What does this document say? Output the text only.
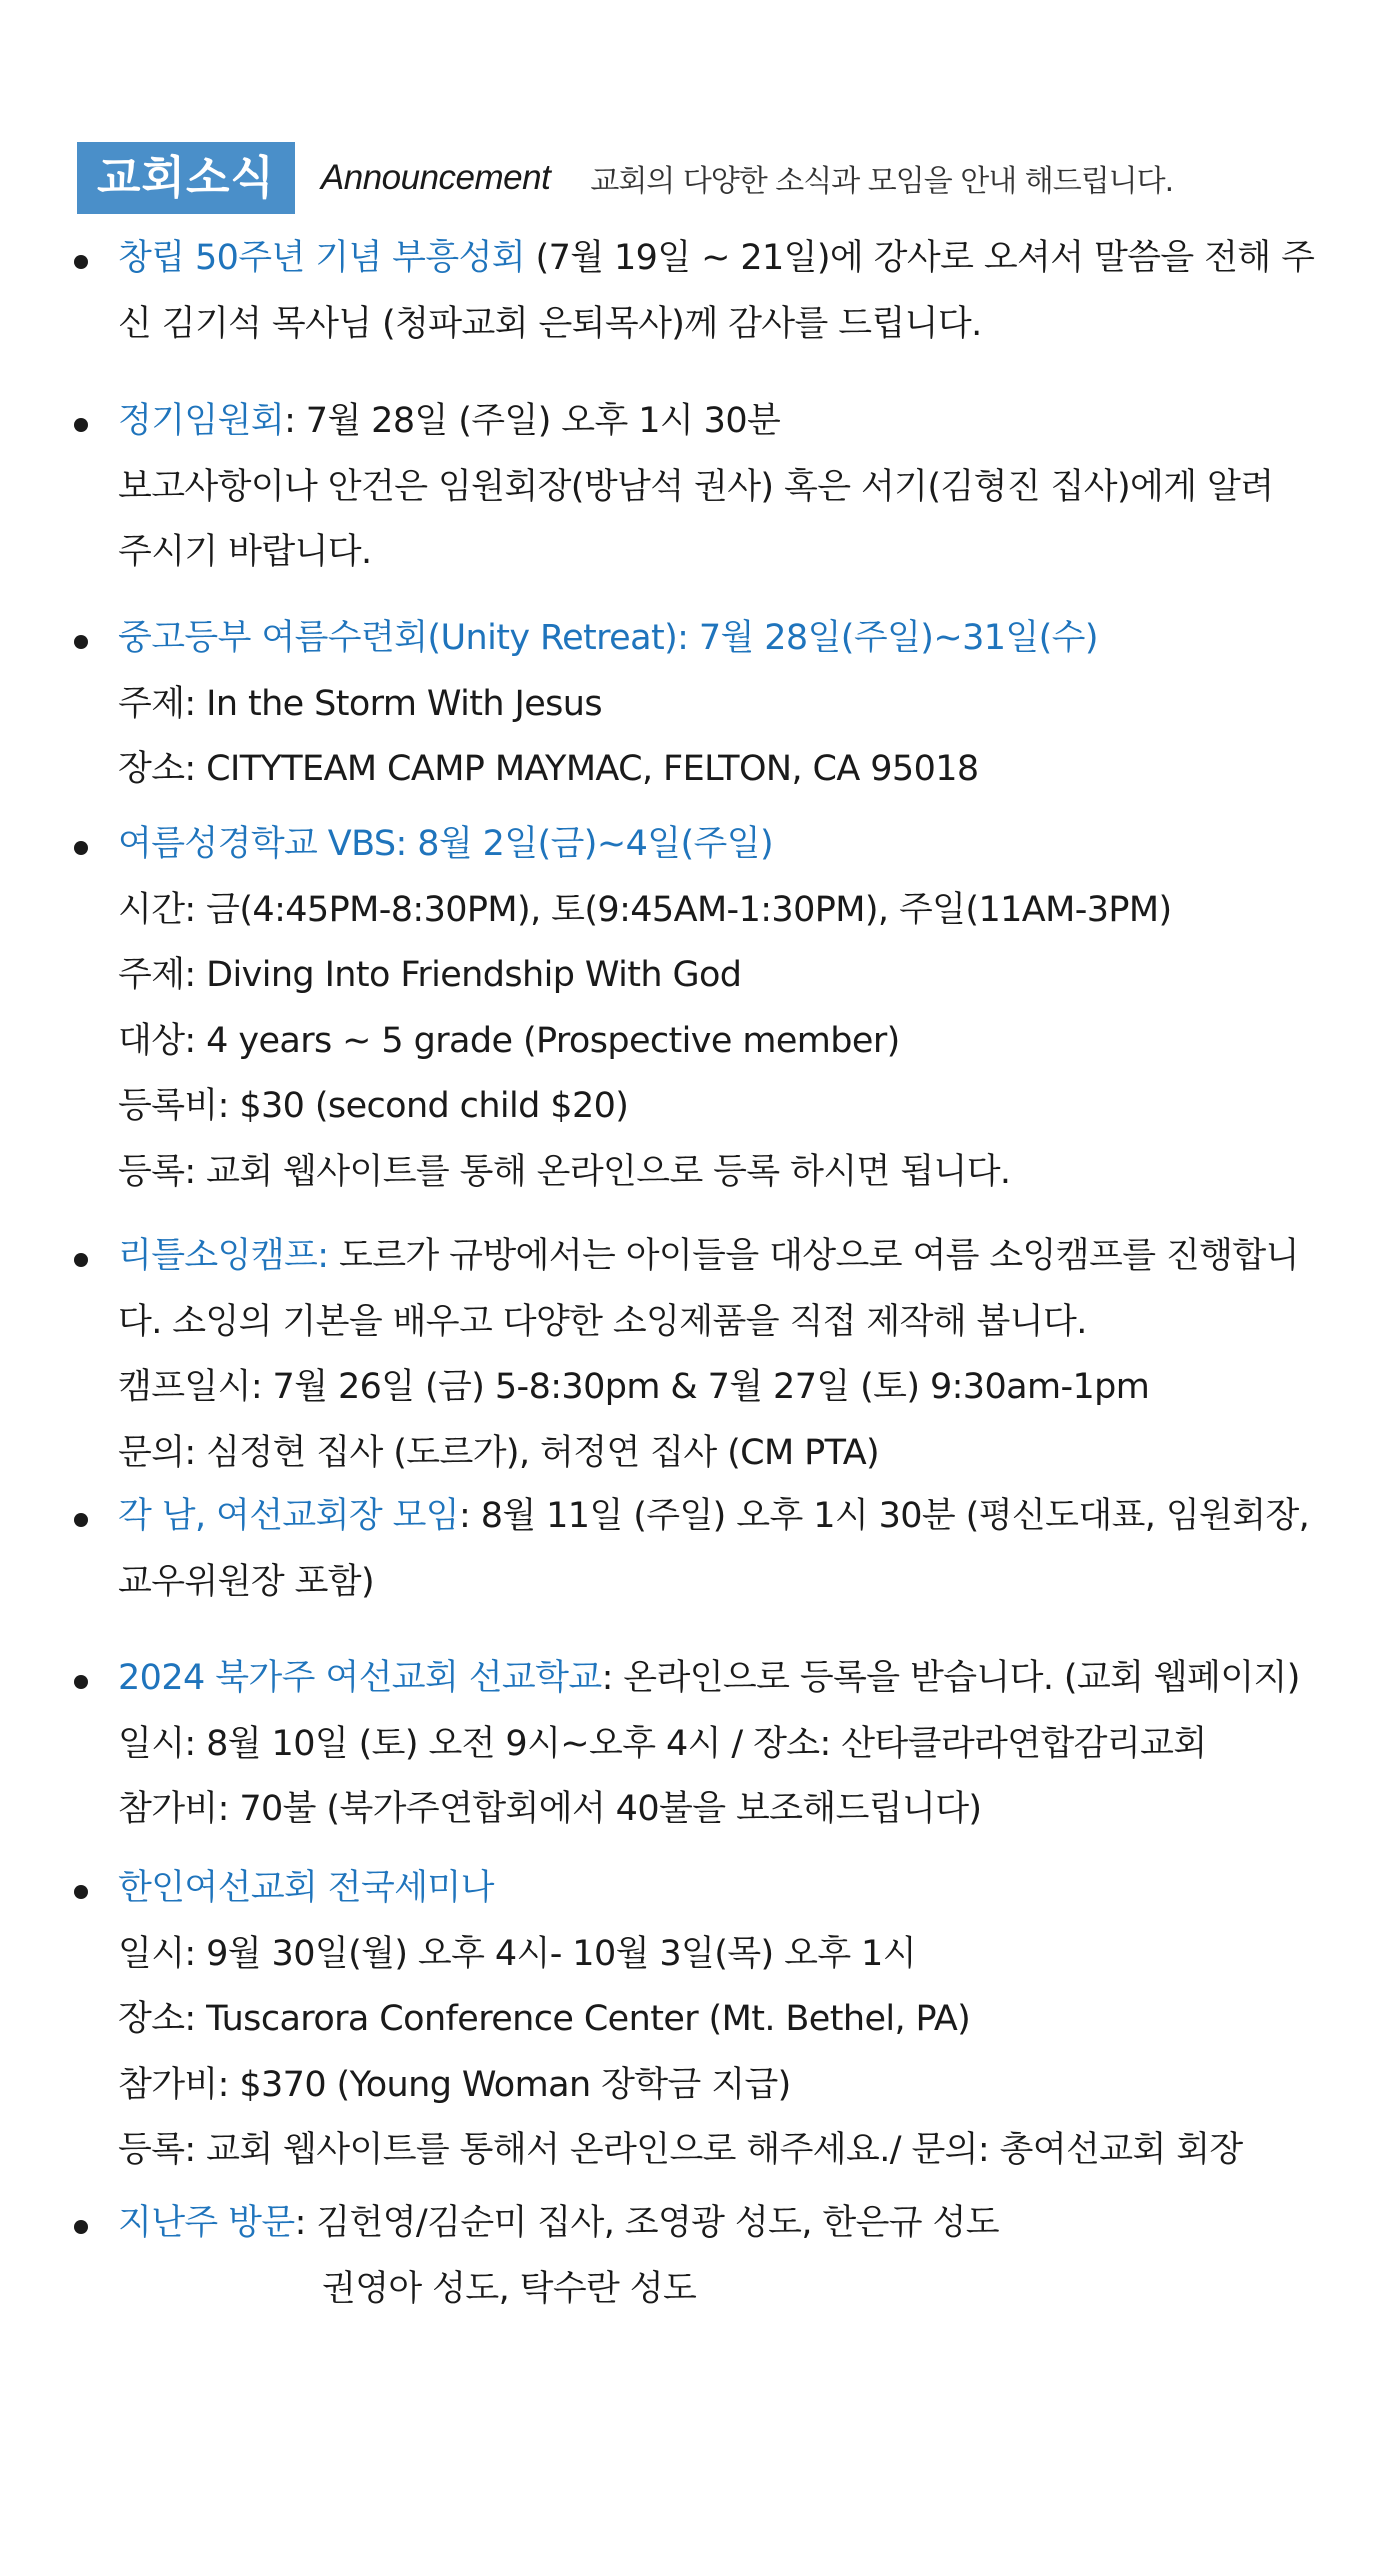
교회소식	Announcement 교회의 다양한 소식과 모임을 안내 해드립니다.
창립 50주년 기념 부흥성회 (7월 19일 ~ 21일)에 강사로 오셔서 말씀을 전해 주
신 김기석 목사님 (청파교회 은퇴목사)께 감사를 드립니다.
정기임원회: 7월 28일 (주일) 오후 1시 30분
보고사항이나 안건은 임원회장(방남석 권사) 혹은 서기(김형진 집사)에게 알려
주시기 바랍니다.
중고등부 여름수련회(Unity Retreat): 7월 28일(주일)~31일(수)
주제: In the Storm With Jesus
장소: CITYTEAM CAMP MAYMAC, FELTON, CA 95018
여름성경학교 VBS: 8월 2일(금)~4일(주일)
시간: 금(4:45PM-8:30PM), 토(9:45AM-1:30PM), 주일(11AM-3PM)
주제: Diving Into Friendship With God
대상: 4 years ~ 5 grade (Prospective member)
등록비: $30 (second child $20)
등록: 교회 웹사이트를 통해 온라인으로 등록 하시면 됩니다.
리틀소잉캠프: 도르가 규방에서는 아이들을 대상으로 여름 소잉캠프를 진행합니
다. 소잉의 기본을 배우고 다양한 소잉제품을 직접 제작해 봅니다.
캠프일시: 7월 26일 (금) 5-8:30pm & 7월 27일 (토) 9:30am-1pm
문의: 심정현 집사 (도르가), 허정연 집사 (CM PTA)
각 남, 여선교회장 모임: 8월 11일 (주일) 오후 1시 30분 (평신도대표, 임원회장,
교우위원장 포함)
2024 북가주 여선교회 선교학교: 온라인으로 등록을 받습니다. (교회 웹페이지)
일시: 8월 10일 (토) 오전 9시~오후 4시 / 장소: 산타클라라연합감리교회
참가비: 70불 (북가주연합회에서 40불을 보조해드립니다)
한인여선교회 전국세미나
일시: 9월 30일(월) 오후 4시- 10월 3일(목) 오후 1시
장소: Tuscarora Conference Center (Mt. Bethel, PA)
참가비: $370 (Young Woman 장학금 지급)
등록: 교회 웹사이트를 통해서 온라인으로 해주세요./ 문의: 총여선교회 회장
지난주 방문: 김헌영/김순미 집사, 조영광 성도, 한은규 성도
권영아 성도, 탁수란 성도
